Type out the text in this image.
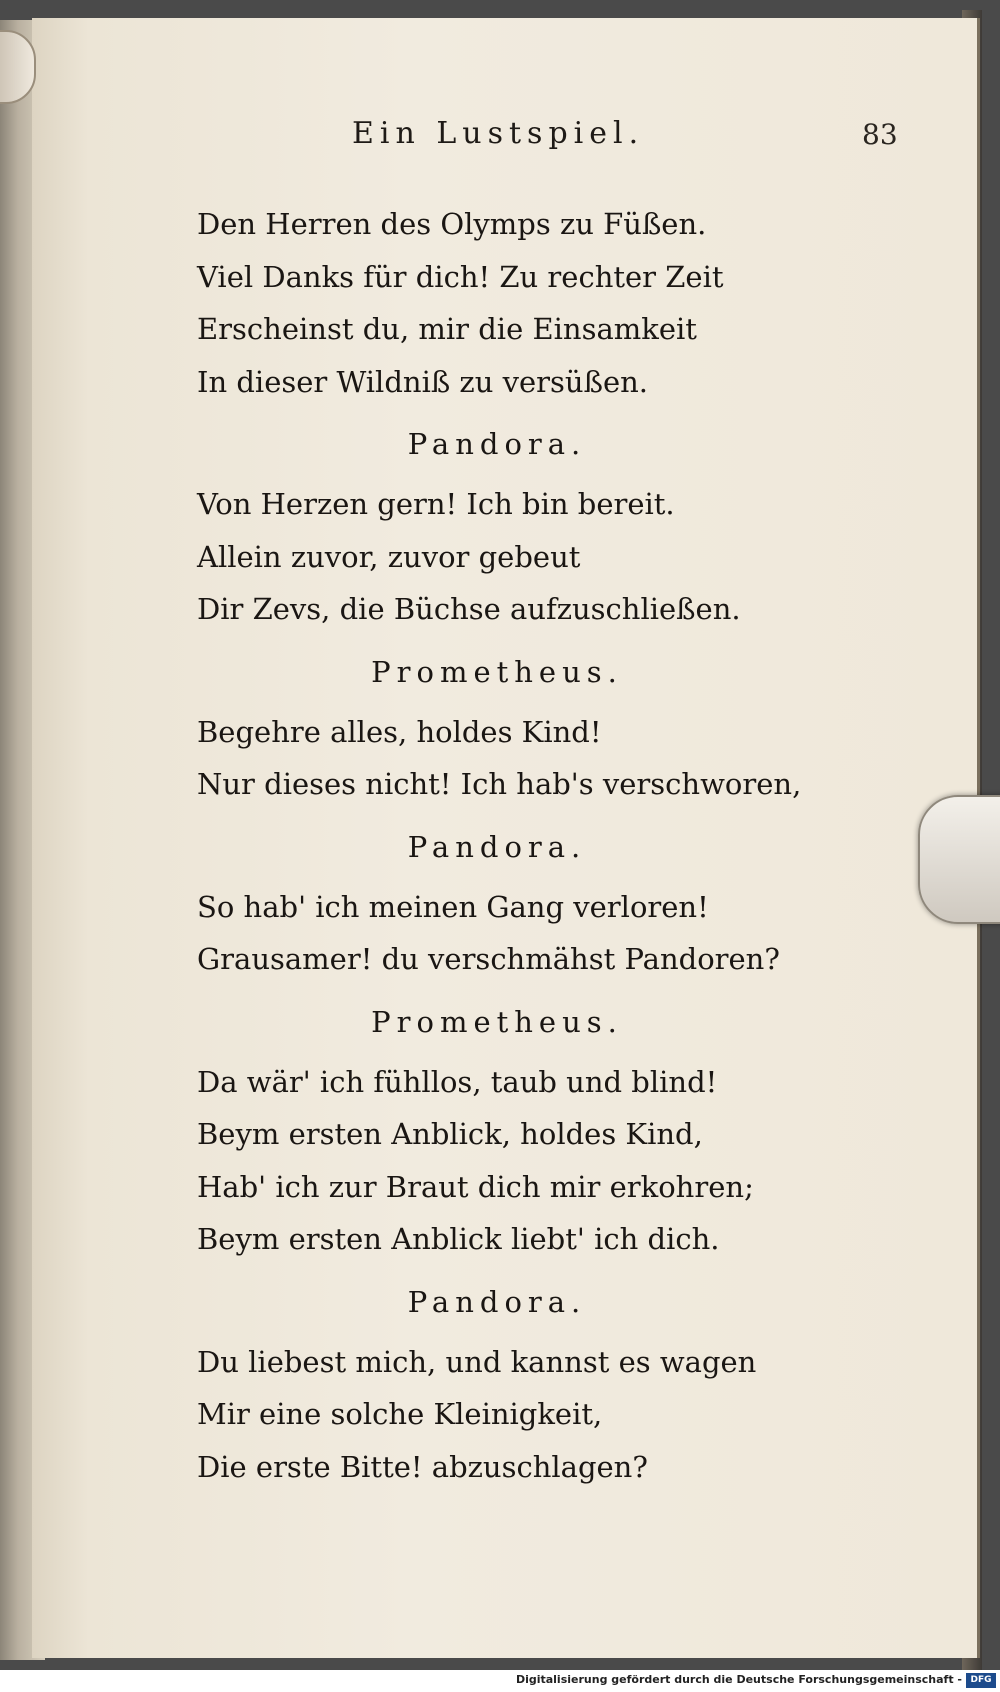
Ein Lustspiel.	83
Den Herren des Olymps zu Füßen.
Viel Danks für dich! Zu rechter Zeit
Erscheinst du, mir die Einsamkeit
In dieser Wildniß zu versüßen.
Pandora.
Von Herzen gern! Ich bin bereit.
Allein zuvor, zuvor gebeut
Dir Zevs, die Büchse aufzuschließen.
Prometheus.
Begehre alles, holdes Kind!
Nur dieses nicht! Ich hab's verschworen,
Pandora.
So hab' ich meinen Gang verloren!
Grausamer! du verschmähst Pandoren?
Prometheus.
Da wär' ich fühllos, taub und blind!
Beym ersten Anblick, holdes Kind,
Hab' ich zur Braut dich mir erkohren;
Beym ersten Anblick liebt' ich dich.
Pandora.
Du liebest mich, und kannst es wagen
Mir eine solche Kleinigkeit,
Die erste Bitte! abzuschlagen?
Digitalisierung gefördert durch die Deutsche Forschungsgemeinschaft - DFG
